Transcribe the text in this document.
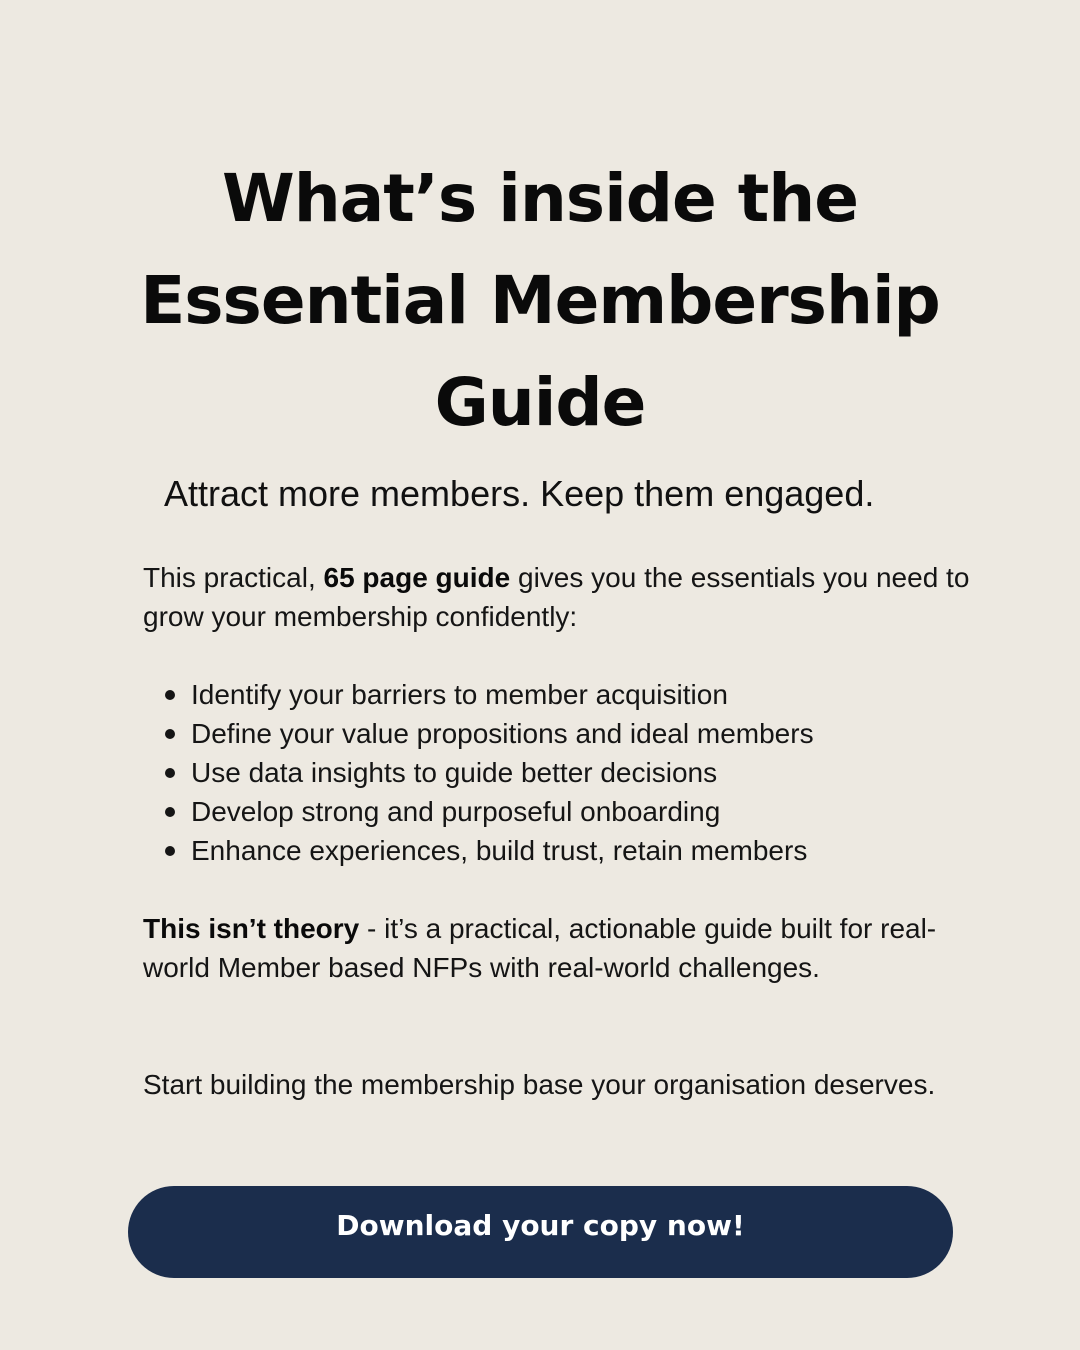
What’s inside the
Essential Membership
Guide

Attract more members. Keep them engaged.

This practical, 65 page guide gives you the essentials you need to grow your membership confidently:

Identify your barriers to member acquisition
Define your value propositions and ideal members
Use data insights to guide better decisions
Develop strong and purposeful onboarding
Enhance experiences, build trust, retain members

This isn’t theory - it’s a practical, actionable guide built for real-world Member based NFPs with real-world challenges.

Start building the membership base your organisation deserves.

Download your copy now!
